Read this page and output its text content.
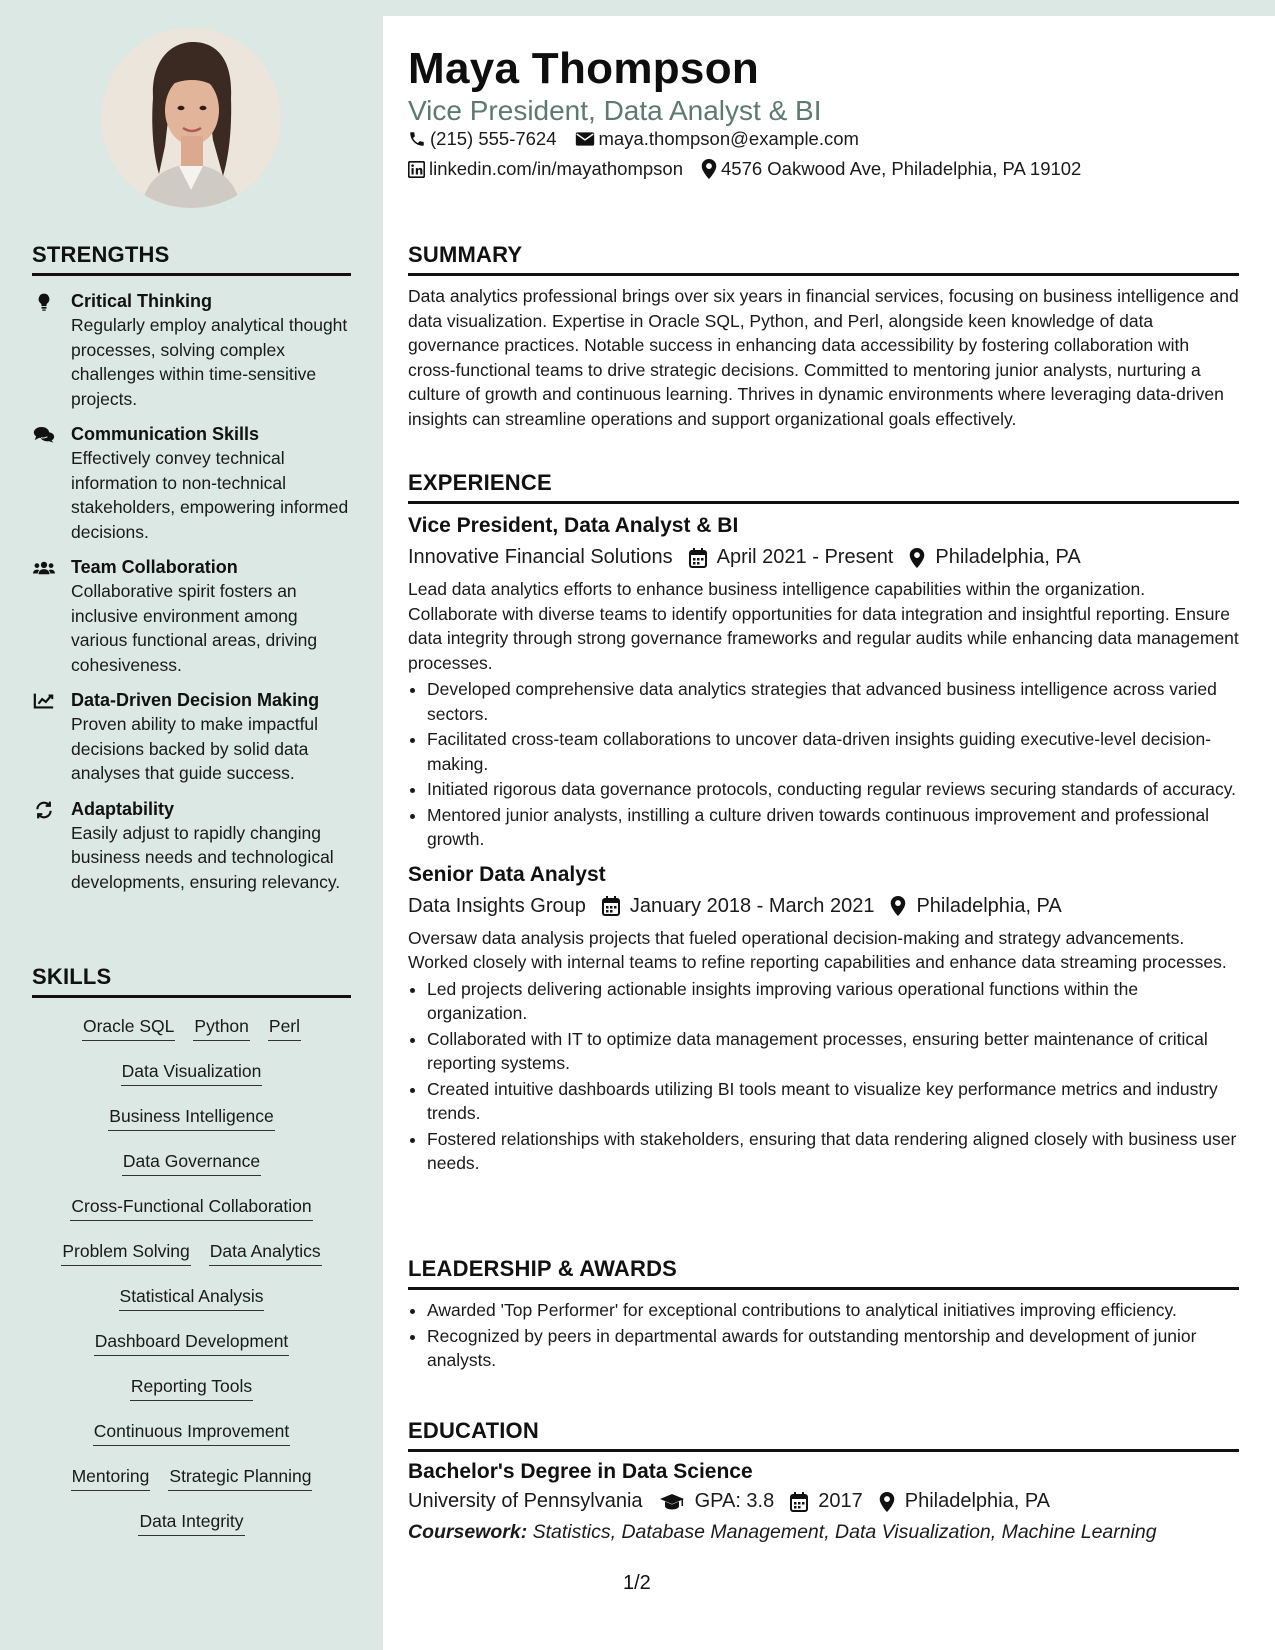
Maya Thompson
Vice President, Data Analyst & BI
(215) 555-7624 maya.thompson@example.com
linkedin.com/in/mayathompson 4576 Oakwood Ave, Philadelphia, PA 19102
STRENGTHS
Critical Thinking
Regularly employ analytical thought processes, solving complex challenges within time-sensitive projects.
Communication Skills
Effectively convey technical information to non-technical stakeholders, empowering informed decisions.
Team Collaboration
Collaborative spirit fosters an inclusive environment among various functional areas, driving cohesiveness.
Data-Driven Decision Making
Proven ability to make impactful decisions backed by solid data analyses that guide success.
Adaptability
Easily adjust to rapidly changing business needs and technological developments, ensuring relevancy.
SKILLS
Oracle SQL Python Perl
Data Visualization
Business Intelligence
Data Governance
Cross-Functional Collaboration
Problem Solving Data Analytics
Statistical Analysis
Dashboard Development
Reporting Tools
Continuous Improvement
Mentoring Strategic Planning
Data Integrity
SUMMARY

Data analytics professional brings over six years in financial services, focusing on business intelligence and data visualization. Expertise in Oracle SQL, Python, and Perl, alongside keen knowledge of data governance practices. Notable success in enhancing data accessibility by fostering collaboration with cross-functional teams to drive strategic decisions. Committed to mentoring junior analysts, nurturing a culture of growth and continuous learning. Thrives in dynamic environments where leveraging data-driven insights can streamline operations and support organizational goals effectively.

EXPERIENCE
Vice President, Data Analyst & BI
Innovative Financial Solutions April 2021 - Present Philadelphia, PA

Lead data analytics efforts to enhance business intelligence capabilities within the organization. Collaborate with diverse teams to identify opportunities for data integration and insightful reporting. Ensure data integrity through strong governance frameworks and regular audits while enhancing data management processes.

• Developed comprehensive data analytics strategies that advanced business intelligence across varied sectors.
• Facilitated cross-team collaborations to uncover data-driven insights guiding executive-level decision-making.
• Initiated rigorous data governance protocols, conducting regular reviews securing standards of accuracy.
• Mentored junior analysts, instilling a culture driven towards continuous improvement and professional growth.
Senior Data Analyst
Data Insights Group January 2018 - March 2021 Philadelphia, PA

Oversaw data analysis projects that fueled operational decision-making and strategy advancements. Worked closely with internal teams to refine reporting capabilities and enhance data streaming processes.

• Led projects delivering actionable insights improving various operational functions within the organization.
• Collaborated with IT to optimize data management processes, ensuring better maintenance of critical reporting systems.
• Created intuitive dashboards utilizing BI tools meant to visualize key performance metrics and industry trends.
• Fostered relationships with stakeholders, ensuring that data rendering aligned closely with business user needs.
LEADERSHIP & AWARDS
• Awarded 'Top Performer' for exceptional contributions to analytical initiatives improving efficiency.
• Recognized by peers in departmental awards for outstanding mentorship and development of junior analysts.
EDUCATION
Bachelor's Degree in Data Science
University of Pennsylvania	GPA: 3.8 2017 Philadelphia, PA
Coursework: Statistics, Database Management, Data Visualization, Machine Learning
1/2
